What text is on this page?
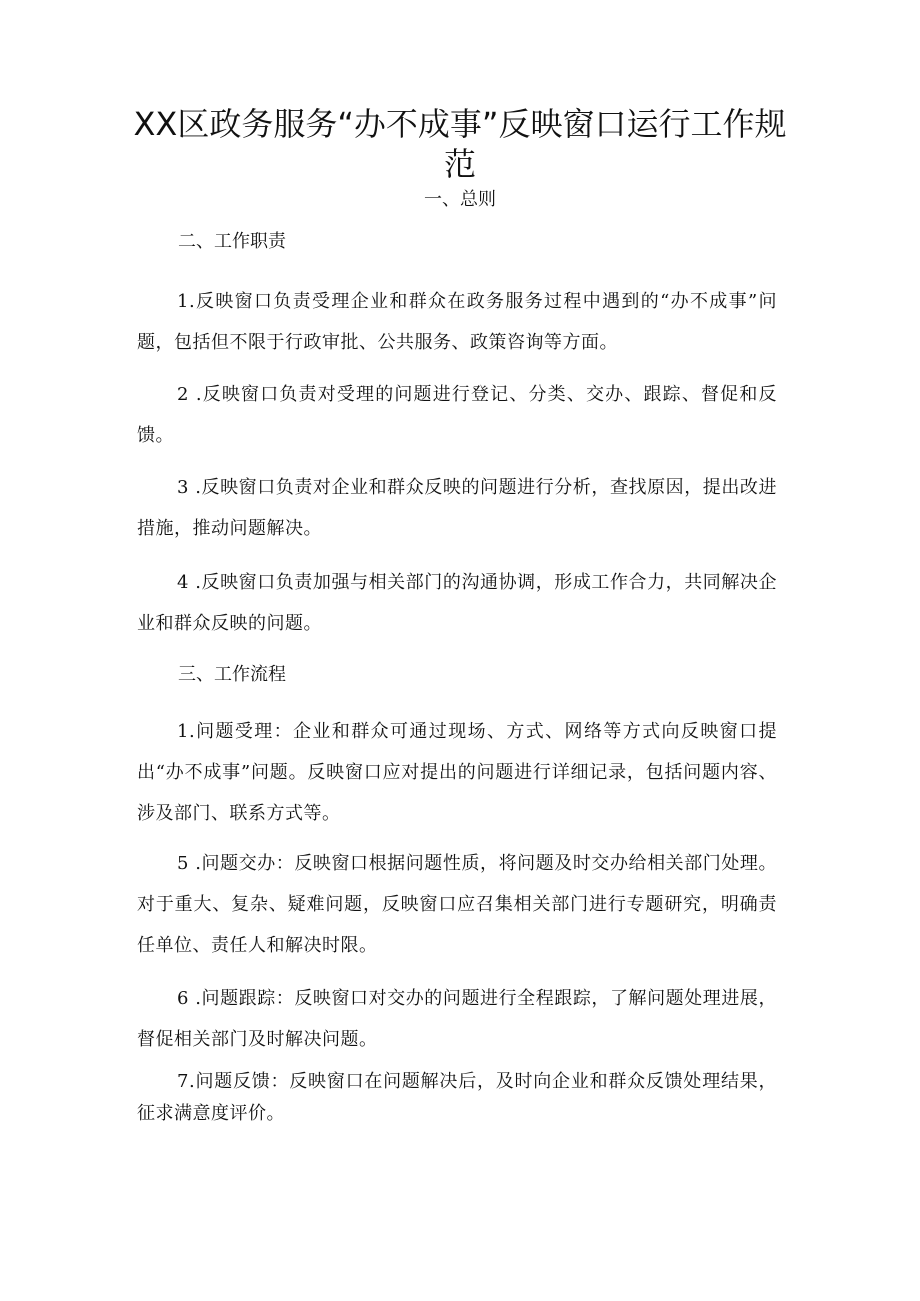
XX区政务服务“办不成事”反映窗口运行工作规范
一、总则
二、工作职责
1.反映窗口负责受理企业和群众在政务服务过程中遇到的“办不成事”问题，包括但不限于行政审批、公共服务、政策咨询等方面。
2 .反映窗口负责对受理的问题进行登记、分类、交办、跟踪、督促和反馈。
3 .反映窗口负责对企业和群众反映的问题进行分析，查找原因，提出改进措施，推动问题解决。
4 .反映窗口负责加强与相关部门的沟通协调，形成工作合力，共同解决企业和群众反映的问题。
三、工作流程
1.问题受理：企业和群众可通过现场、方式、网络等方式向反映窗口提出“办不成事”问题。反映窗口应对提出的问题进行详细记录，包括问题内容、涉及部门、联系方式等。
5 .问题交办：反映窗口根据问题性质，将问题及时交办给相关部门处理。对于重大、复杂、疑难问题，反映窗口应召集相关部门进行专题研究，明确责任单位、责任人和解决时限。
6 .问题跟踪：反映窗口对交办的问题进行全程跟踪，了解问题处理进展，督促相关部门及时解决问题。
7.问题反馈：反映窗口在问题解决后，及时向企业和群众反馈处理结果，征求满意度评价。
